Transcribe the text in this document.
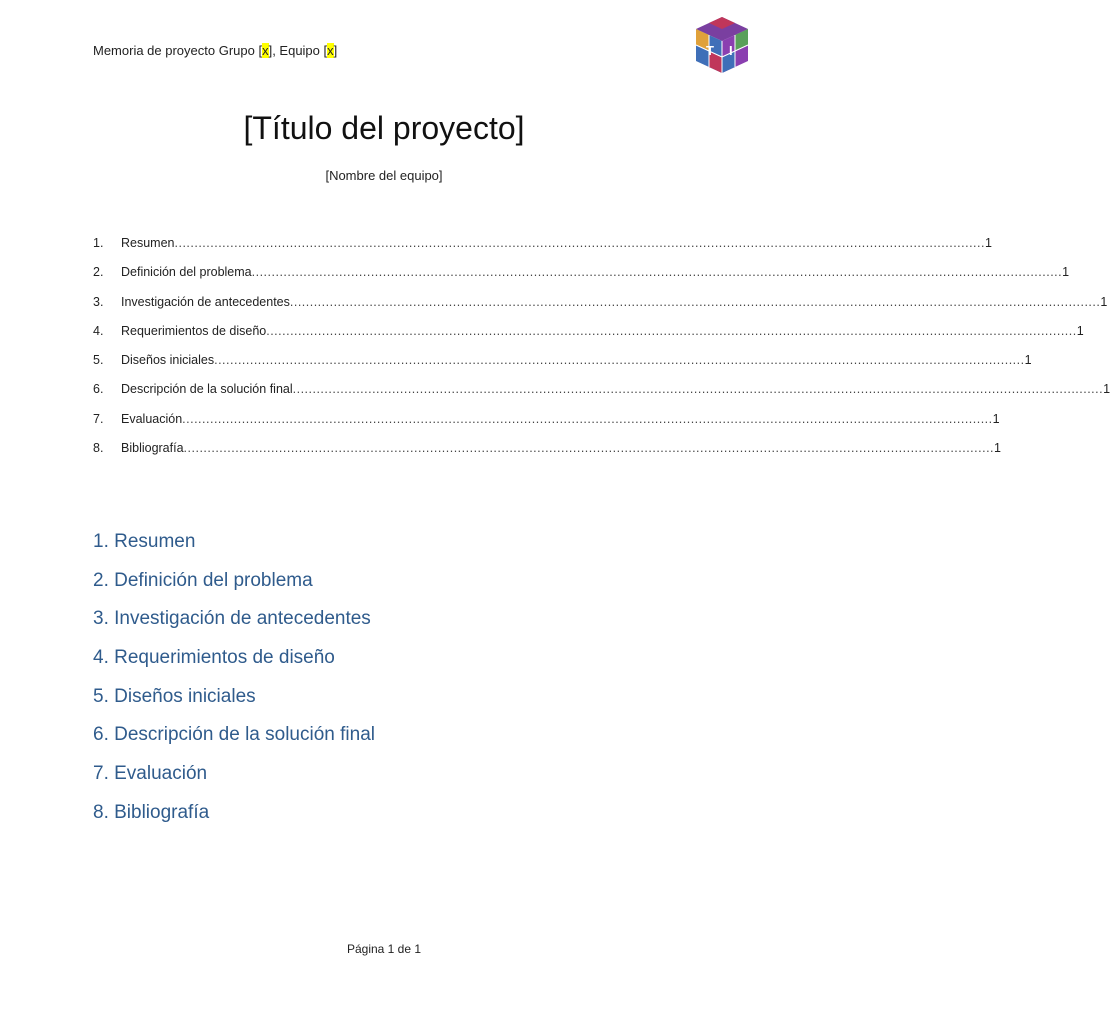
Memoria de proyecto Grupo [x], Equipo [x]	T I
[Título del proyecto]
[Nombre del equipo]
1.	Resumen ............................................................................................................................................................................................................ 1
2.	Definición del problema ............................................................................................................................................................................................................ 1
3.	Investigación de antecedentes ............................................................................................................................................................................................................ 1
4.	Requerimientos de diseño ............................................................................................................................................................................................................ 1
5.	Diseños iniciales ............................................................................................................................................................................................................ 1
6.	Descripción de la solución final ............................................................................................................................................................................................................ 1
7.	Evaluación ............................................................................................................................................................................................................ 1
8.	Bibliografía ............................................................................................................................................................................................................ 1
1. Resumen
2. Definición del problema
3. Investigación de antecedentes
4. Requerimientos de diseño
5. Diseños iniciales
6. Descripción de la solución final
7. Evaluación
8. Bibliografía
Página 1 de 1
